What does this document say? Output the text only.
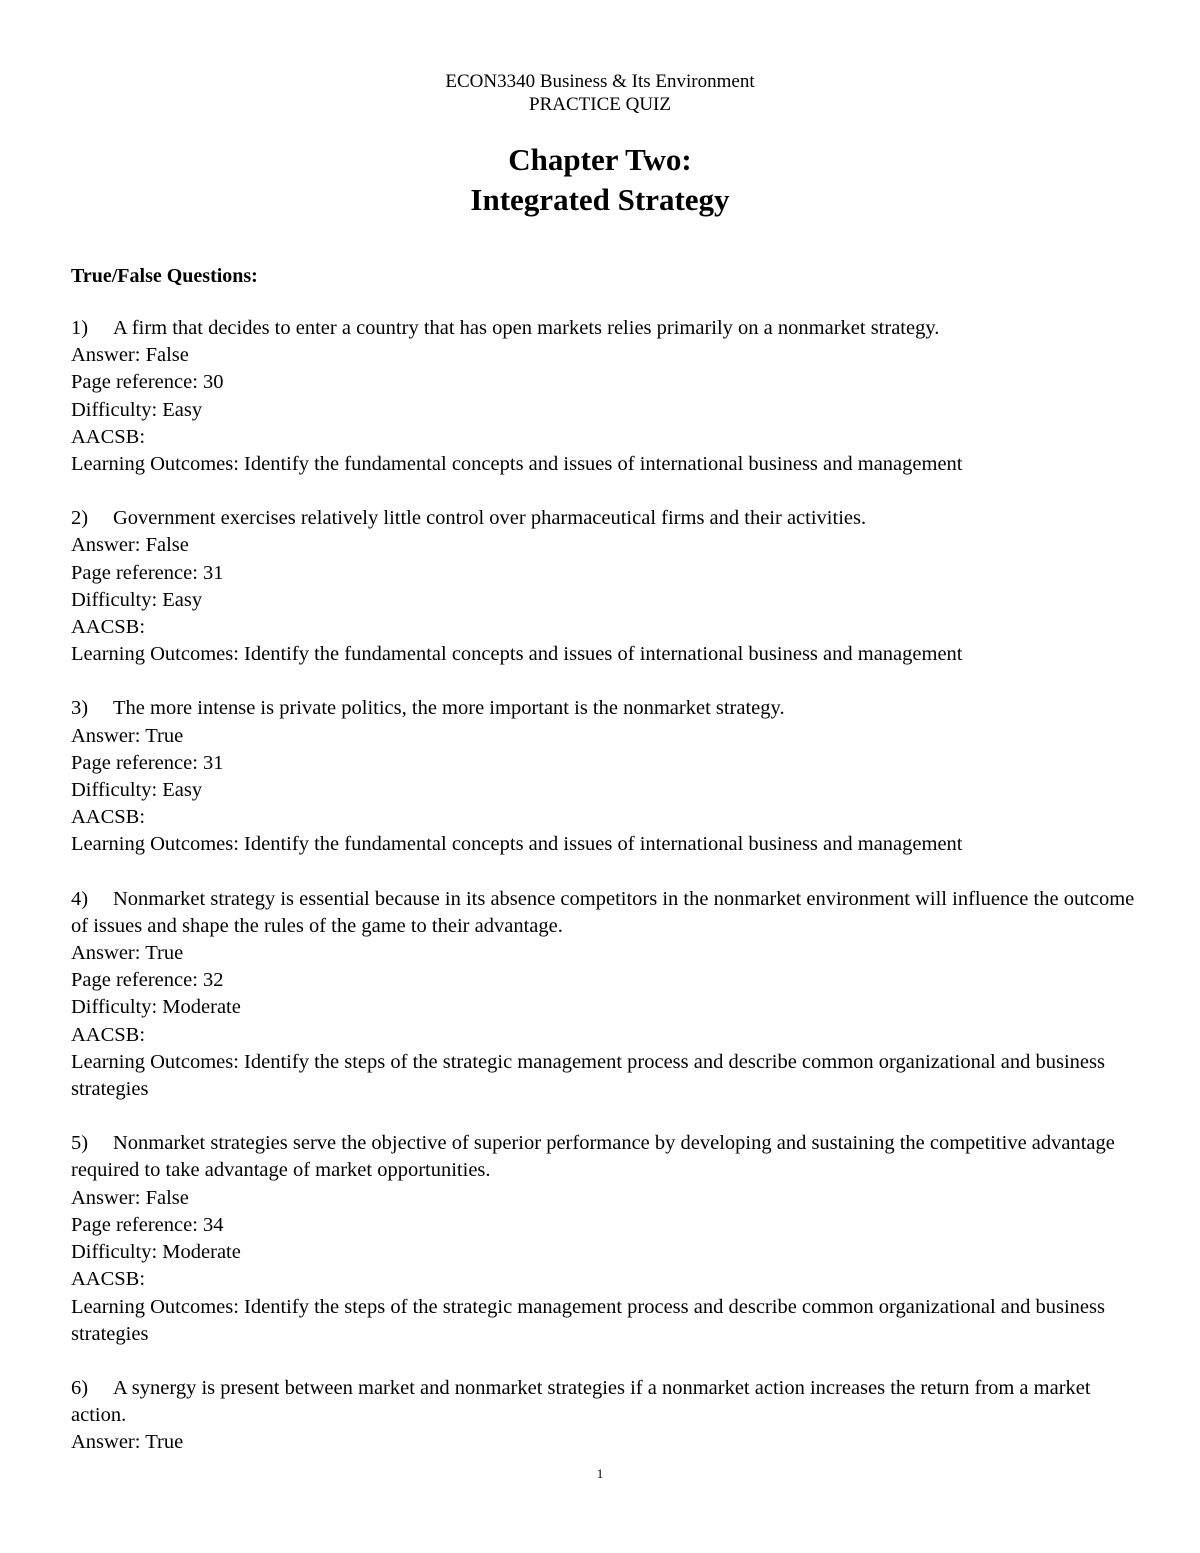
ECON3340 Business & Its Environment
PRACTICE QUIZ
Chapter Two:
Integrated Strategy
True/False Questions:
1) A firm that decides to enter a country that has open markets relies primarily on a nonmarket strategy.
Answer: False
Page reference: 30
Difficulty: Easy
AACSB:
Learning Outcomes: Identify the fundamental concepts and issues of international business and management
2) Government exercises relatively little control over pharmaceutical firms and their activities.
Answer: False
Page reference: 31
Difficulty: Easy
AACSB:
Learning Outcomes: Identify the fundamental concepts and issues of international business and management
3) The more intense is private politics, the more important is the nonmarket strategy.
Answer: True
Page reference: 31
Difficulty: Easy
AACSB:
Learning Outcomes: Identify the fundamental concepts and issues of international business and management
4) Nonmarket strategy is essential because in its absence competitors in the nonmarket environment will influence the outcome of issues and shape the rules of the game to their advantage.
Answer: True
Page reference: 32
Difficulty: Moderate
AACSB:
Learning Outcomes: Identify the steps of the strategic management process and describe common organizational and business strategies
5) Nonmarket strategies serve the objective of superior performance by developing and sustaining the competitive advantage required to take advantage of market opportunities.
Answer: False
Page reference: 34
Difficulty: Moderate
AACSB:
Learning Outcomes: Identify the steps of the strategic management process and describe common organizational and business strategies
6) A synergy is present between market and nonmarket strategies if a nonmarket action increases the return from a market action.
Answer: True
1
